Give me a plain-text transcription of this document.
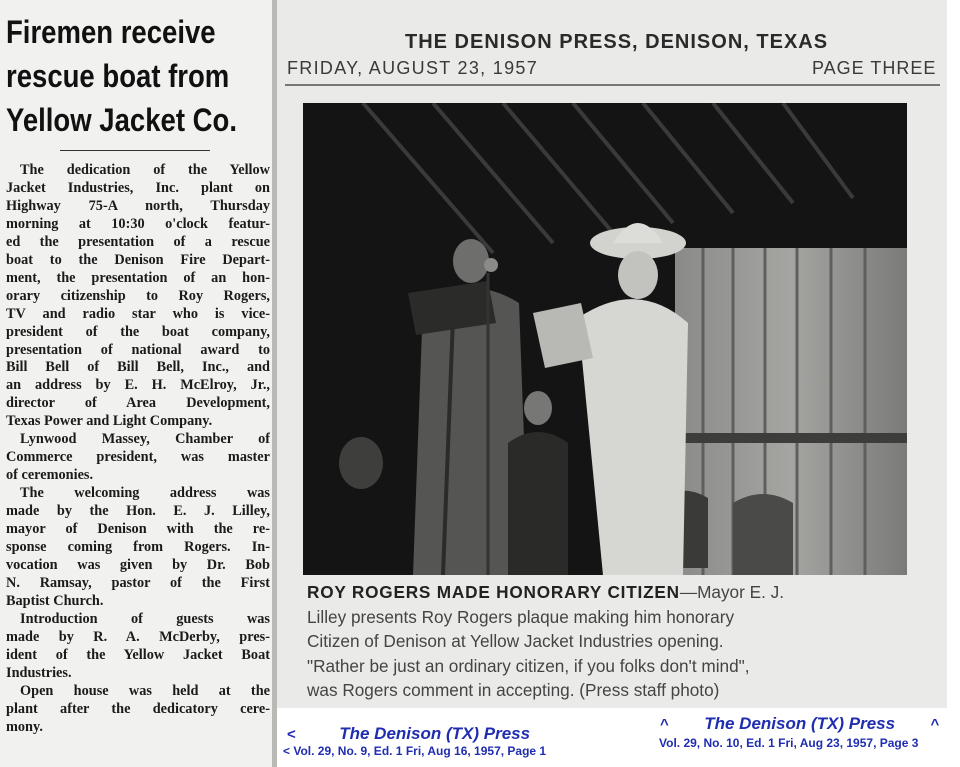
Firemen receive
rescue boat from
Yellow Jacket Co.
The dedication of the Yellow
Jacket Industries, Inc. plant on
Highway 75-A north, Thursday
morning at 10:30 o'clock featur-
ed the presentation of a rescue
boat to the Denison Fire Depart-
ment, the presentation of an hon-
orary citizenship to Roy Rogers,
TV and radio star who is vice-
president of the boat company,
presentation of national award to
Bill Bell of Bill Bell, Inc., and
an address by E. H. McElroy, Jr.,
director of Area Development,
Texas Power and Light Company.
Lynwood Massey, Chamber of
Commerce president, was master
of ceremonies.
The welcoming address was
made by the Hon. E. J. Lilley,
mayor of Denison with the re-
sponse coming from Rogers. In-
vocation was given by Dr. Bob
N. Ramsay, pastor of the First
Baptist Church.
Introduction of guests was
made by R. A. McDerby, pres-
ident of the Yellow Jacket Boat
Industries.
Open house was held at the
plant after the dedicatory cere-
mony.
THE DENISON PRESS, DENISON, TEXAS
FRIDAY, AUGUST 23, 1957	PAGE THREE
ROY ROGERS MADE HONORARY CITIZEN—Mayor E. J.
Lilley presents Roy Rogers plaque making him honorary
Citizen of Denison at Yellow Jacket Industries opening.
"Rather be just an ordinary citizen, if you folks don't mind",
was Rogers comment in accepting. (Press staff photo)
<	The Denison (TX) Press
< Vol. 29, No. 9, Ed. 1 Fri, Aug 16, 1957, Page 1
^ The Denison (TX) Press ^
Vol. 29, No. 10, Ed. 1 Fri, Aug 23, 1957, Page 3
